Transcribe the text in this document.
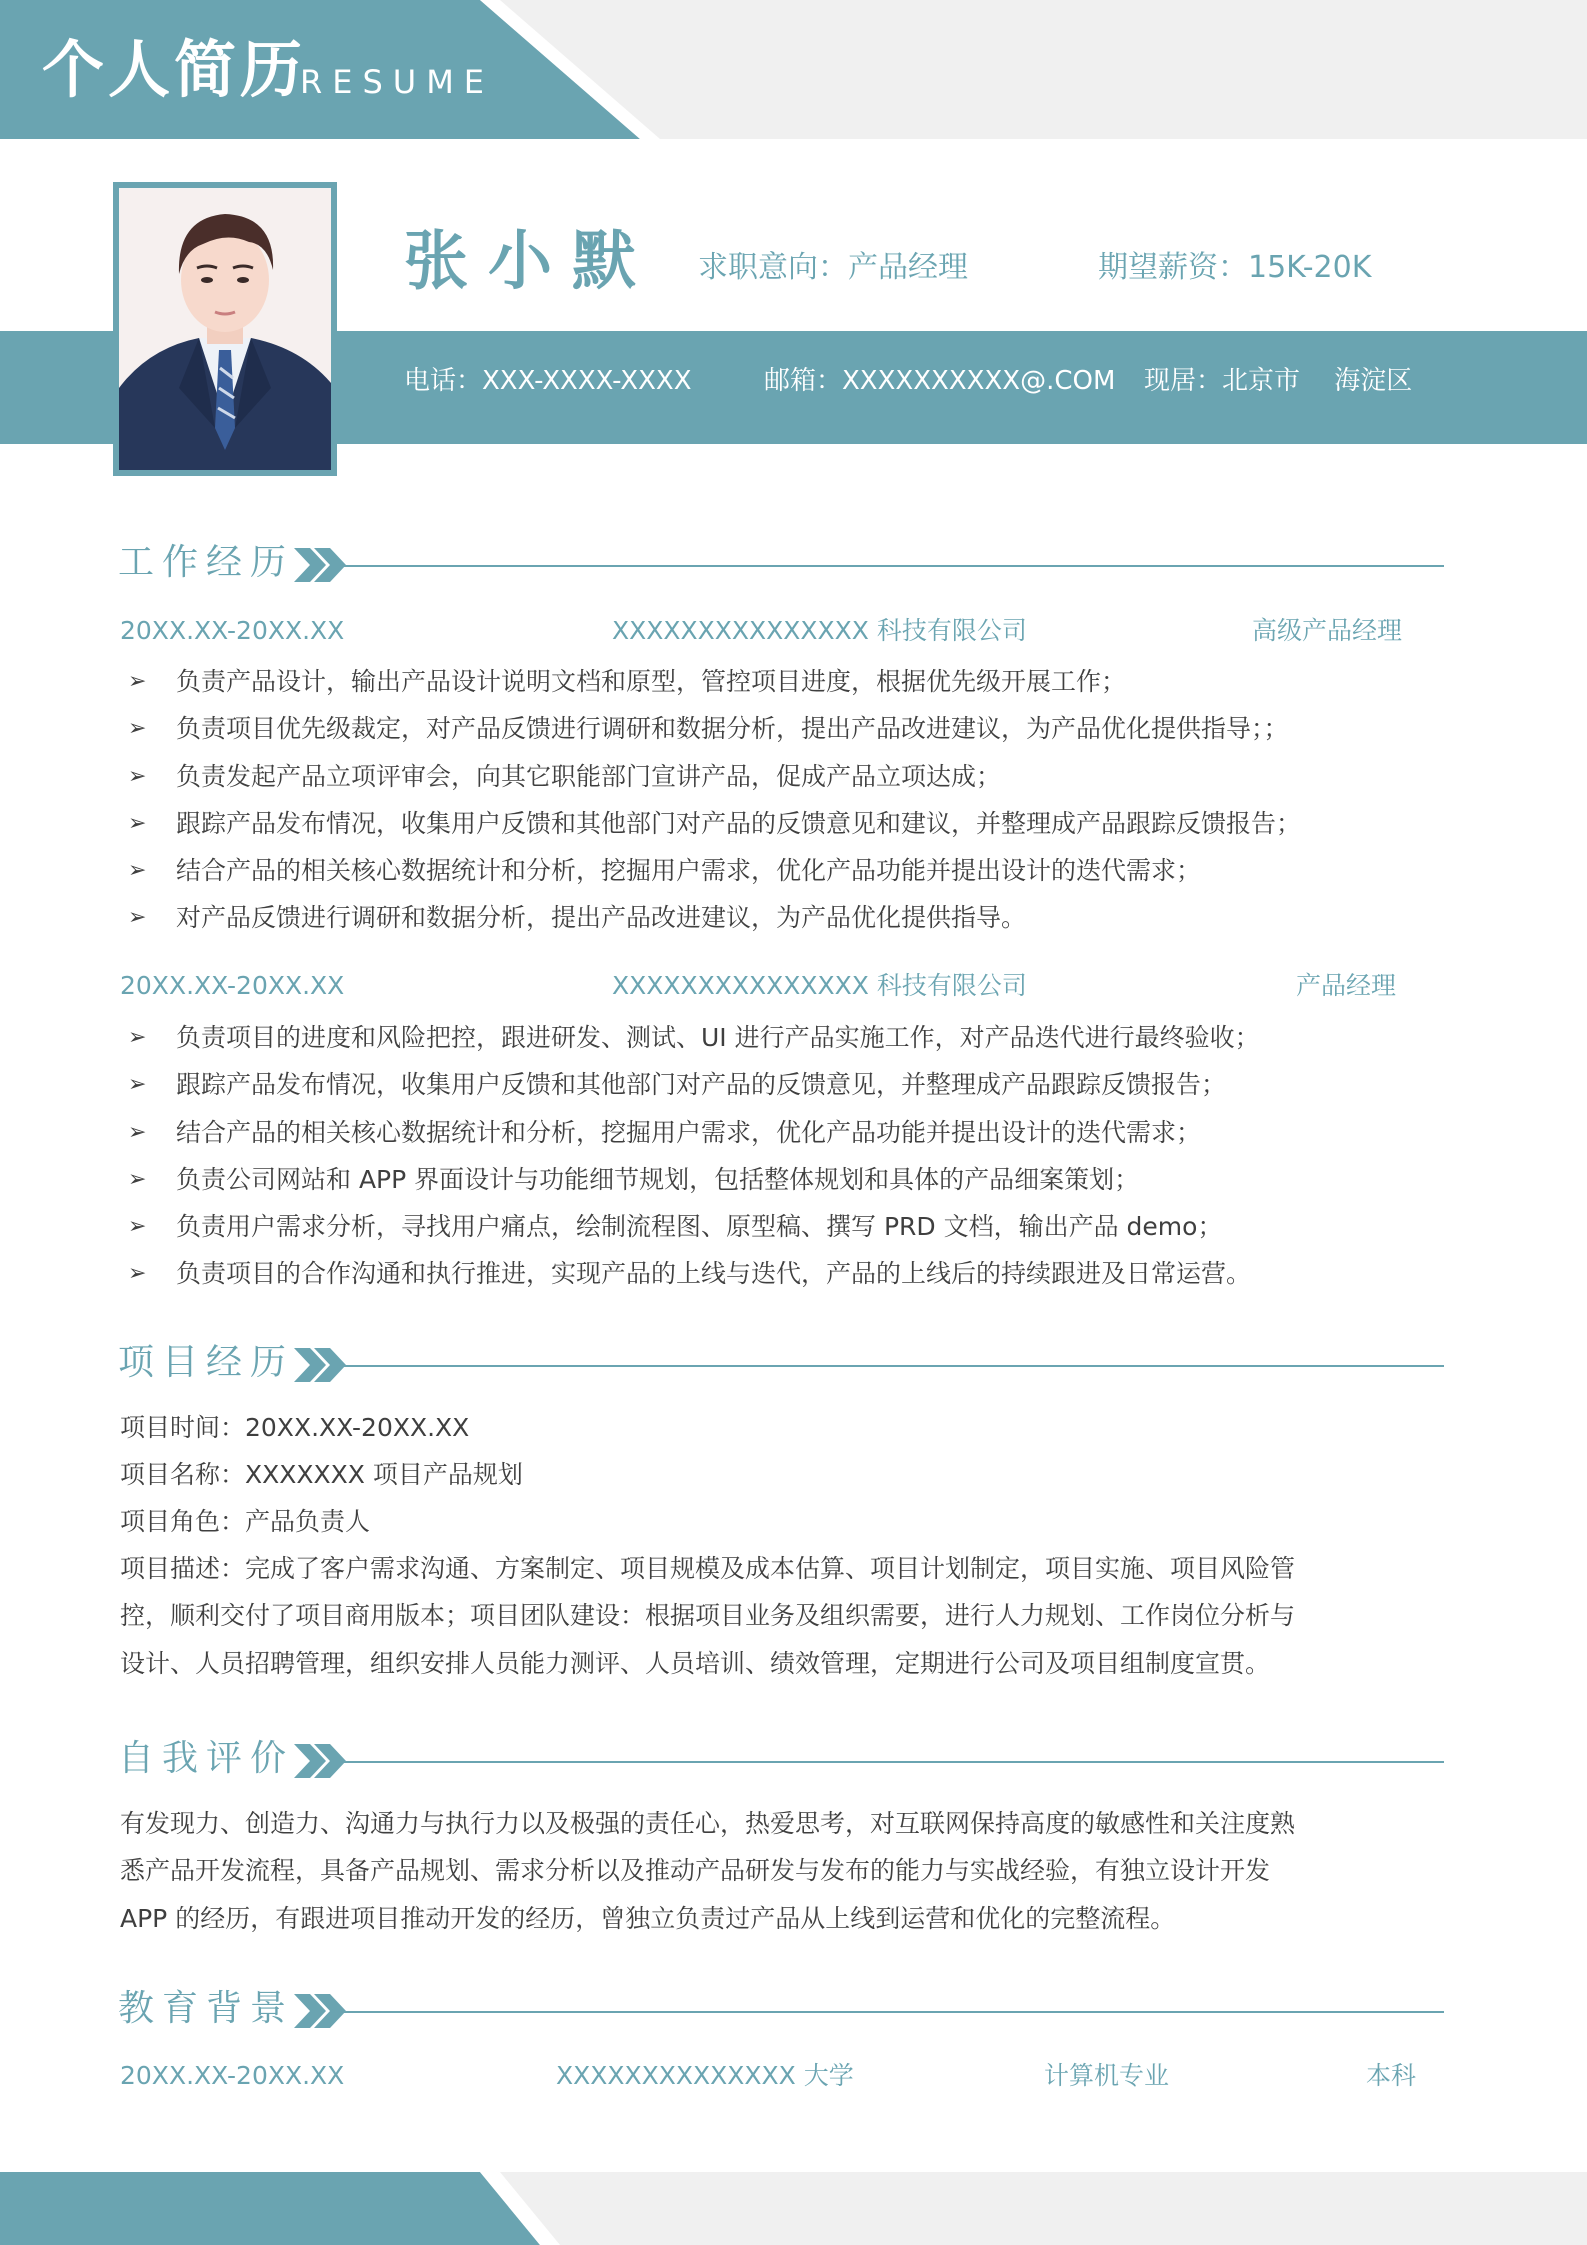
个人简历
RESUME
张小默 求职意向：产品经理	期望薪资：15K-20K
电话：XXX-XXXX-XXXX	邮箱：XXXXXXXXXX@.COM 现居：北京市　 海淀区
工作经历
20XX.XX-20XX.XX	XXXXXXXXXXXXXXX 科技有限公司	高级产品经理
➢ 负责产品设计，输出产品设计说明文档和原型，管控项目进度，根据优先级开展工作；
➢ 负责项目优先级裁定，对产品反馈进行调研和数据分析，提出产品改进建议，为产品优化提供指导；；
➢ 负责发起产品立项评审会，向其它职能部门宣讲产品，促成产品立项达成；
➢ 跟踪产品发布情况，收集用户反馈和其他部门对产品的反馈意见和建议，并整理成产品跟踪反馈报告；
➢ 结合产品的相关核心数据统计和分析，挖掘用户需求，优化产品功能并提出设计的迭代需求；
➢ 对产品反馈进行调研和数据分析，提出产品改进建议，为产品优化提供指导。
20XX.XX-20XX.XX	XXXXXXXXXXXXXXX 科技有限公司	产品经理
➢ 负责项目的进度和风险把控，跟进研发、测试、UI 进行产品实施工作，对产品迭代进行最终验收；
➢ 跟踪产品发布情况，收集用户反馈和其他部门对产品的反馈意见，并整理成产品跟踪反馈报告；
➢ 结合产品的相关核心数据统计和分析，挖掘用户需求，优化产品功能并提出设计的迭代需求；
➢ 负责公司网站和 APP 界面设计与功能细节规划，包括整体规划和具体的产品细案策划；
➢ 负责用户需求分析，寻找用户痛点，绘制流程图、原型稿、撰写 PRD 文档，输出产品 demo；
➢ 负责项目的合作沟通和执行推进，实现产品的上线与迭代，产品的上线后的持续跟进及日常运营。
项目经历
项目时间：20XX.XX-20XX.XX
项目名称：XXXXXXX 项目产品规划
项目角色：产品负责人
项目描述：完成了客户需求沟通、方案制定、项目规模及成本估算、项目计划制定，项目实施、项目风险管
控，顺利交付了项目商用版本；项目团队建设：根据项目业务及组织需要，进行人力规划、工作岗位分析与
设计、人员招聘管理，组织安排人员能力测评、人员培训、绩效管理，定期进行公司及项目组制度宣贯。
自我评价
有发现力、创造力、沟通力与执行力以及极强的责任心，热爱思考，对互联网保持高度的敏感性和关注度熟
悉产品开发流程，具备产品规划、需求分析以及推动产品研发与发布的能力与实战经验，有独立设计开发
APP 的经历，有跟进项目推动开发的经历，曾独立负责过产品从上线到运营和优化的完整流程。
教育背景
20XX.XX-20XX.XX	XXXXXXXXXXXXXX 大学	计算机专业	本科
